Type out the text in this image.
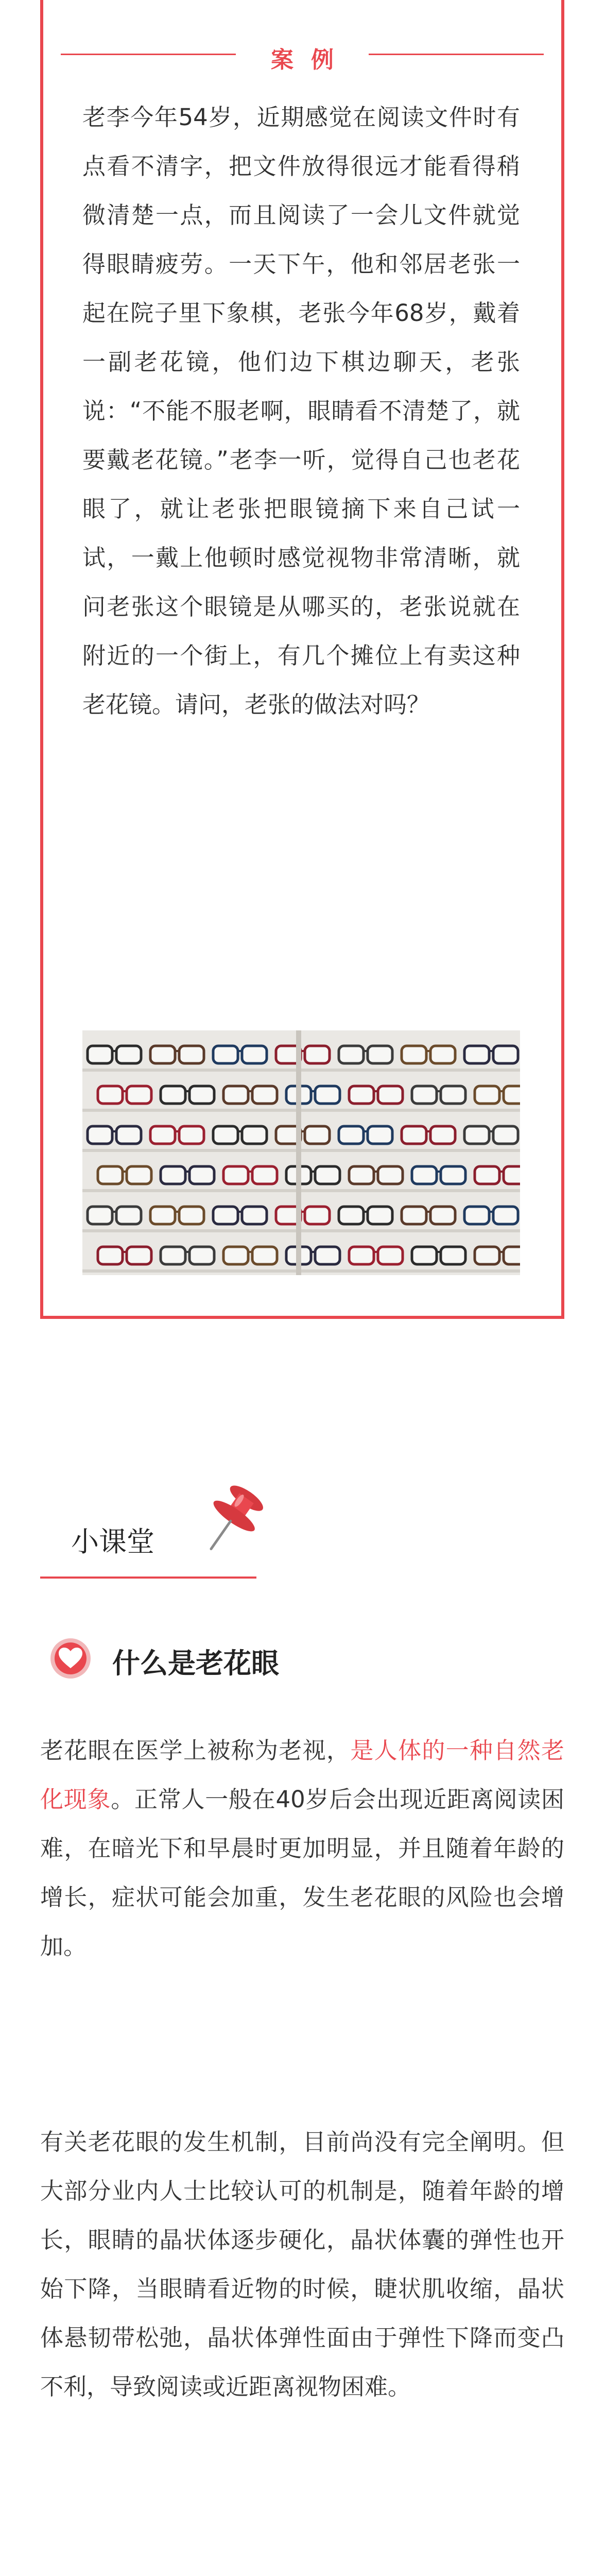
案例

老李今年54岁，近期感觉在阅读文件时有点看不清字，把文件放得很远才能看得稍微清楚一点，而且阅读了一会儿文件就觉得眼睛疲劳。一天下午，他和邻居老张一起在院子里下象棋，老张今年68岁，戴着一副老花镜，他们边下棋边聊天，老张说：“不能不服老啊，眼睛看不清楚了，就要戴老花镜。”老李一听，觉得自己也老花眼了，就让老张把眼镜摘下来自己试一试，一戴上他顿时感觉视物非常清晰，就问老张这个眼镜是从哪买的，老张说就在附近的一个街上，有几个摊位上有卖这种老花镜。请问，老张的做法对吗？

小课堂
什么是老花眼

老花眼在医学上被称为老视，是人体的一种自然老化现象。正常人一般在40岁后会出现近距离阅读困难，在暗光下和早晨时更加明显，并且随着年龄的增长，症状可能会加重，发生老花眼的风险也会增加。

有关老花眼的发生机制，目前尚没有完全阐明。但大部分业内人士比较认可的机制是，随着年龄的增长，眼睛的晶状体逐步硬化，晶状体囊的弹性也开始下降，当眼睛看近物的时候，睫状肌收缩，晶状体悬韧带松弛，晶状体弹性面由于弹性下降而变凸不利，导致阅读或近距离视物困难。
